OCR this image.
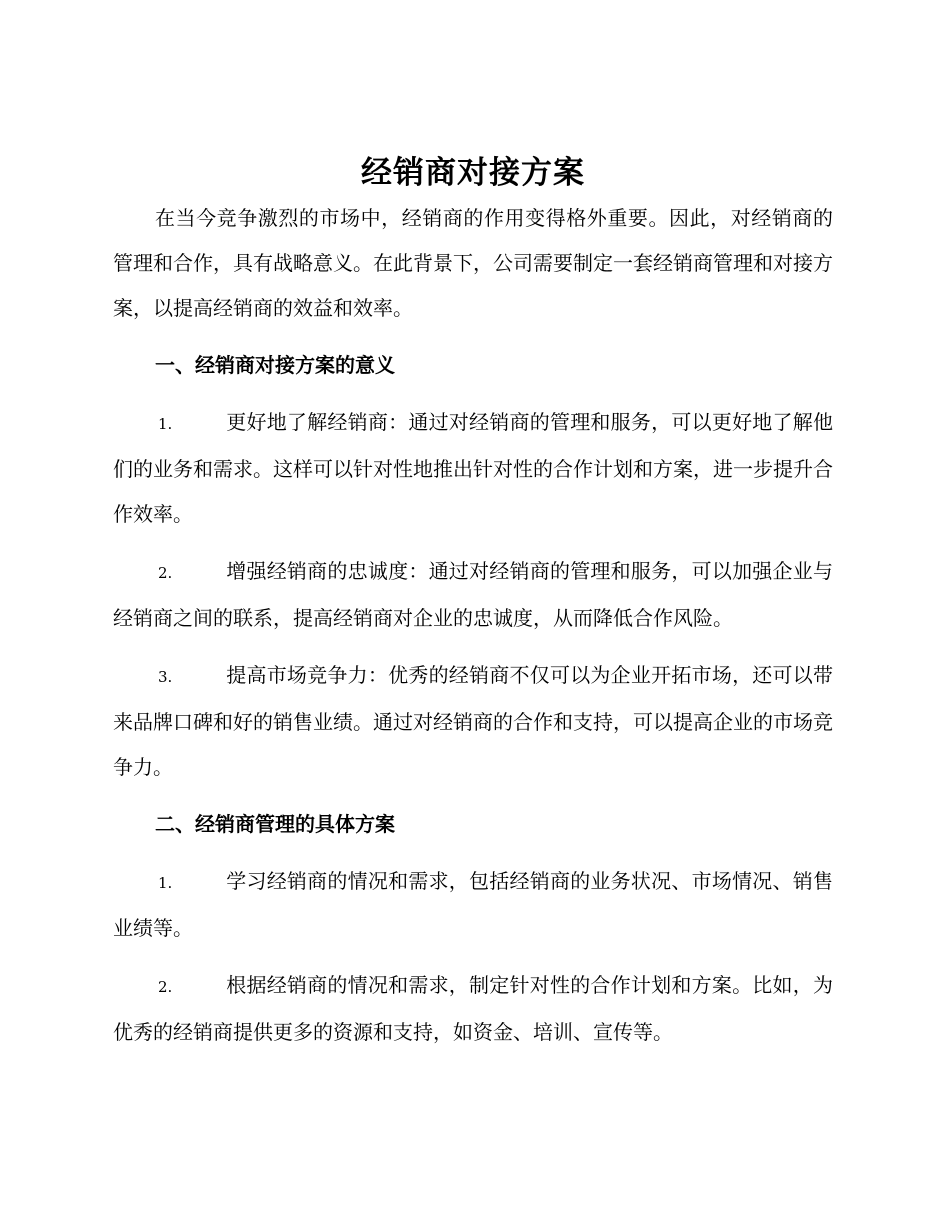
经销商对接方案

在当今竞争激烈的市场中，经销商的作用变得格外重要。因此，对经销商的管理和合作，具有战略意义。在此背景下，公司需要制定一套经销商管理和对接方案，以提高经销商的效益和效率。

一、经销商对接方案的意义

1.	更好地了解经销商：通过对经销商的管理和服务，可以更好地了解他们的业务和需求。这样可以针对性地推出针对性的合作计划和方案，进一步提升合作效率。

2.	增强经销商的忠诚度：通过对经销商的管理和服务，可以加强企业与经销商之间的联系，提高经销商对企业的忠诚度，从而降低合作风险。

3.	提高市场竞争力：优秀的经销商不仅可以为企业开拓市场，还可以带来品牌口碑和好的销售业绩。通过对经销商的合作和支持，可以提高企业的市场竞争力。

二、经销商管理的具体方案

1.	学习经销商的情况和需求，包括经销商的业务状况、市场情况、销售业绩等。

2.	根据经销商的情况和需求，制定针对性的合作计划和方案。比如，为优秀的经销商提供更多的资源和支持，如资金、培训、宣传等。
